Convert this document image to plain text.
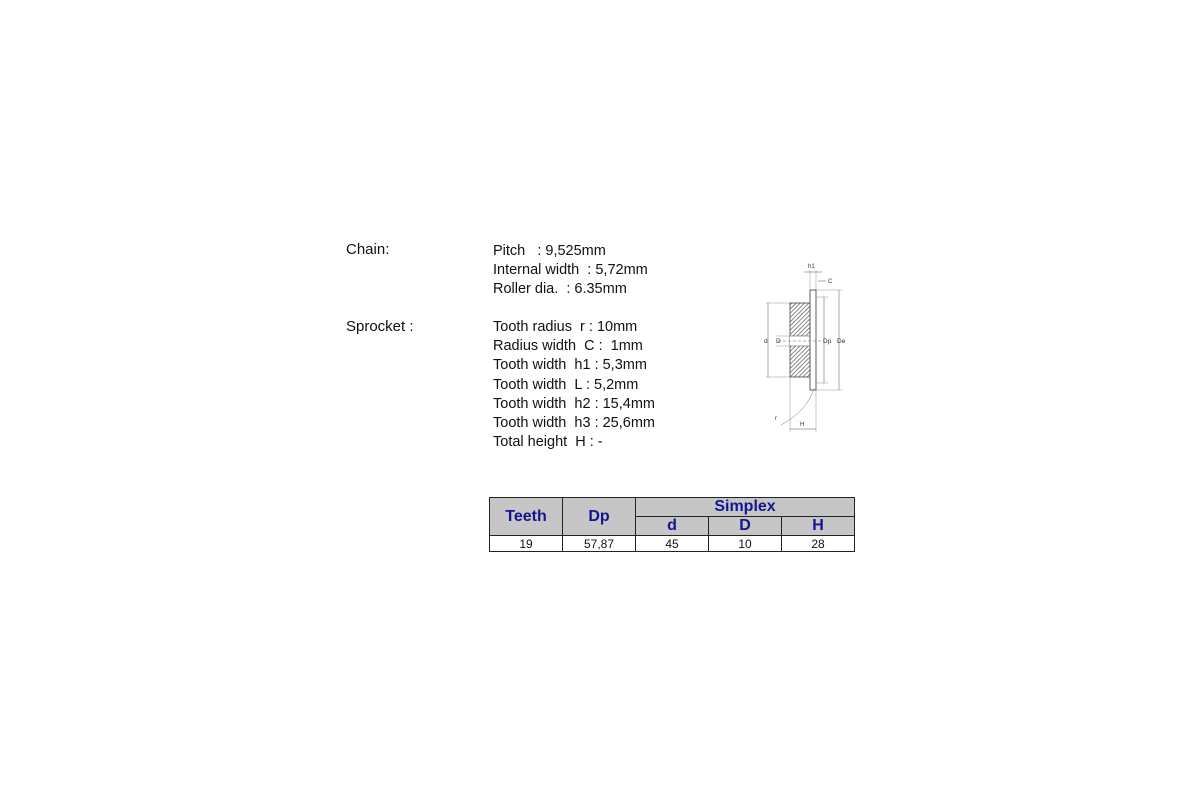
Chain:	Pitch   : 9,525mm
Internal width  : 5,72mm
Roller dia.  : 6.35mm
Sprocket :	Tooth radius  r : 10mm
Radius width  C :  1mm
Tooth width  h1 : 5,3mm
Tooth width  L : 5,2mm
Tooth width  h2 : 15,4mm
Tooth width  h3 : 25,6mm
Total height  H : -
h1
C
d D	Dp De
r
H
Teeth	Dp	Simplex		
		d	D	H
19	57,87	45	10	28
